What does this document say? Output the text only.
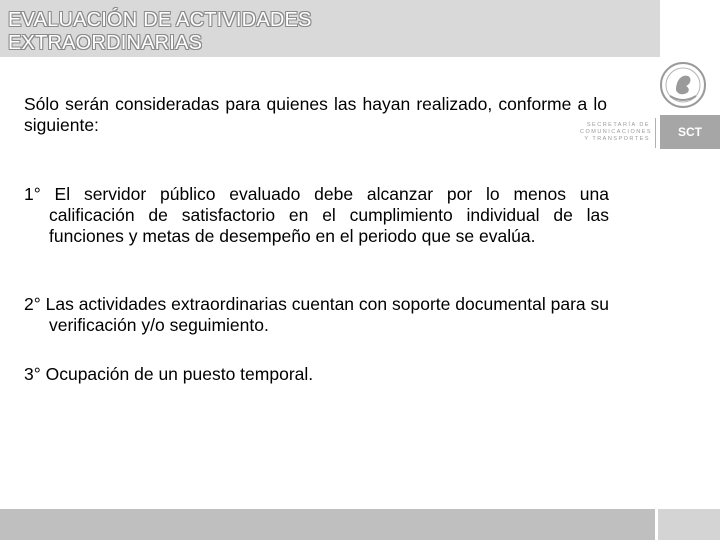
EVALUACIÓN DE ACTIVIDADES
EXTRAORDINARIAS
SECRETARÍA DE
COMUNICACIONES
Y TRANSPORTES	SCT
Sólo serán consideradas para quienes las hayan realizado, conforme a lo siguiente:
1° El servidor público evaluado debe alcanzar por lo menos una calificación de satisfactorio en el cumplimiento individual de las funciones y metas de desempeño en el periodo que se evalúa.
2° Las actividades extraordinarias cuentan con soporte documental para su verificación y/o seguimiento.
3° Ocupación de un puesto temporal.
